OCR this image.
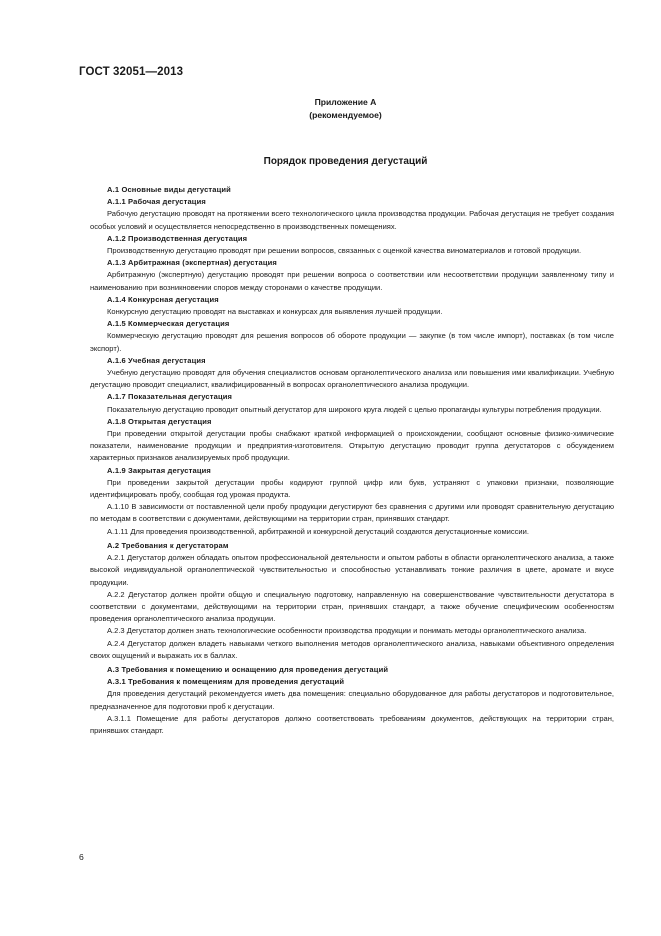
ГОСТ 32051—2013
Приложение А
(рекомендуемое)
Порядок проведения дегустаций
А.1 Основные виды дегустаций
А.1.1 Рабочая дегустация

Рабочую дегустацию проводят на протяжении всего технологического цикла производства продукции. Рабочая дегустация не требует создания особых условий и осуществляется непосредственно в производственных помещениях.

А.1.2 Производственная дегустация

Производственную дегустацию проводят при решении вопросов, связанных с оценкой качества виноматериалов и готовой продукции.

А.1.3 Арбитражная (экспертная) дегустация

Арбитражную (экспертную) дегустацию проводят при решении вопроса о соответствии или несоответствии продукции заявленному типу и наименованию при возникновении споров между сторонами о качестве продукции.

А.1.4 Конкурсная дегустация

Конкурсную дегустацию проводят на выставках и конкурсах для выявления лучшей продукции.

А.1.5 Коммерческая дегустация

Коммерческую дегустацию проводят для решения вопросов об обороте продукции — закупке (в том числе импорт), поставках (в том числе экспорт).

А.1.6 Учебная дегустация

Учебную дегустацию проводят для обучения специалистов основам органолептического анализа или повышения ими квалификации. Учебную дегустацию проводит специалист, квалифицированный в вопросах органолептического анализа продукции.

А.1.7 Показательная дегустация

Показательную дегустацию проводит опытный дегустатор для широкого круга людей с целью пропаганды культуры потребления продукции.

А.1.8 Открытая дегустация

При проведении открытой дегустации пробы снабжают краткой информацией о происхождении, сообщают основные физико-химические показатели, наименование продукции и предприятия-изготовителя. Открытую дегустацию проводит группа дегустаторов с обсуждением характерных признаков анализируемых проб продукции.

А.1.9 Закрытая дегустация

При проведении закрытой дегустации пробы кодируют группой цифр или букв, устраняют с упаковки признаки, позволяющие идентифицировать пробу, сообщая год урожая продукта.

А.1.10 В зависимости от поставленной цели пробу продукции дегустируют без сравнения с другими или проводят сравнительную дегустацию по методам в соответствии с документами, действующими на территории стран, принявших стандарт.

А.1.11 Для проведения производственной, арбитражной и конкурсной дегустаций создаются дегустационные комиссии.

А.2 Требования к дегустаторам

А.2.1 Дегустатор должен обладать опытом профессиональной деятельности и опытом работы в области органолептического анализа, а также высокой индивидуальной органолептической чувствительностью и способностью устанавливать тонкие различия в цвете, аромате и вкусе продукции.

А.2.2 Дегустатор должен пройти общую и специальную подготовку, направленную на совершенствование чувствительности дегустатора в соответствии с документами, действующими на территории стран, принявших стандарт, а также обучение специфическим особенностям проведения органолептического анализа продукции.

А.2.3 Дегустатор должен знать технологические особенности производства продукции и понимать методы органолептического анализа.

А.2.4 Дегустатор должен владеть навыками четкого выполнения методов органолептического анализа, навыками объективного определения своих ощущений и выражать их в баллах.

А.3 Требования к помещению и оснащению для проведения дегустаций
А.3.1 Требования к помещениям для проведения дегустаций

Для проведения дегустаций рекомендуется иметь два помещения: специально оборудованное для работы дегустаторов и подготовительное, предназначенное для подготовки проб к дегустации.

А.3.1.1 Помещение для работы дегустаторов должно соответствовать требованиям документов, действующих на территории стран, принявших стандарт.

6
